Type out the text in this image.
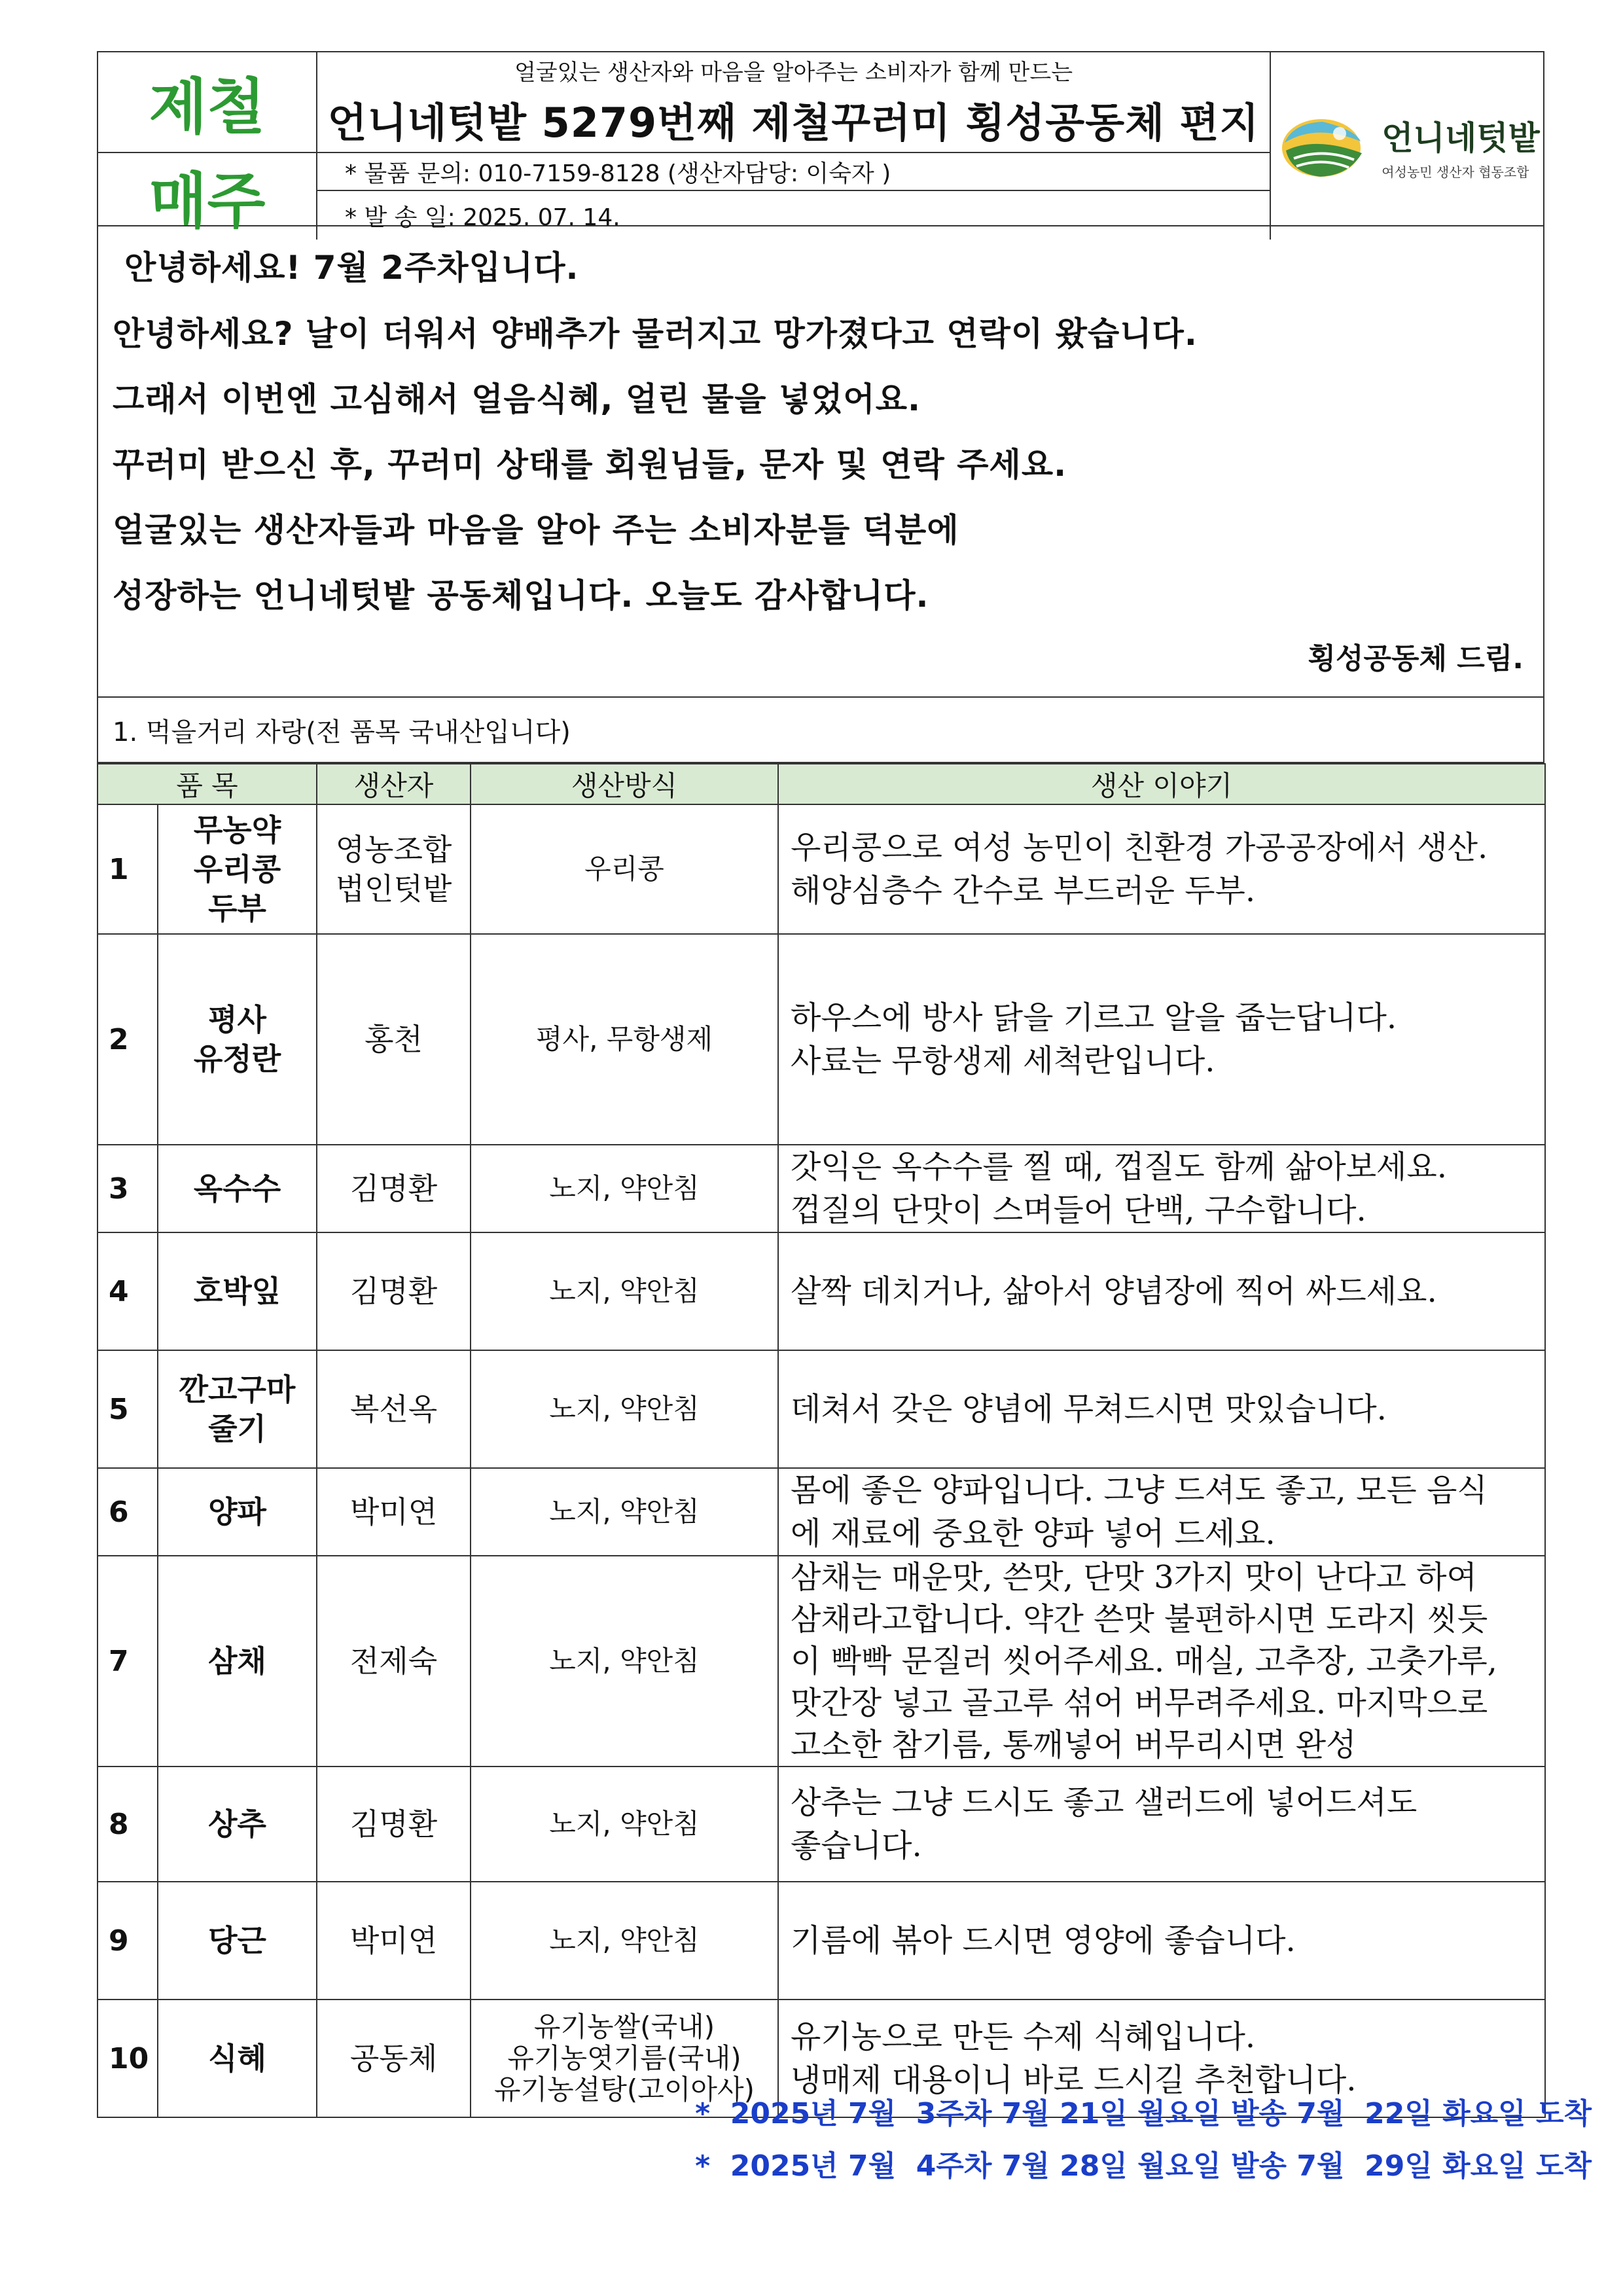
제철
매주
얼굴있는 생산자와 마음을 알아주는 소비자가 함께 만드는
언니네텃밭 5279번째 제철꾸러미 횡성공동체 편지
* 물품 문의: 010-7159-8128 (생산자담당: 이숙자 )
* 발 송 일: 2025. 07. 14.
언니네텃밭
여성농민 생산자 협동조합

안녕하세요! 7월 2주차입니다.

안녕하세요? 날이 더워서 양배추가 물러지고 망가졌다고 연락이 왔습니다.

그래서 이번엔 고심해서 얼음식혜, 얼린 물을 넣었어요.

꾸러미 받으신 후, 꾸러미 상태를 회원님들, 문자 및 연락 주세요.

얼굴있는 생산자들과 마음을 알아 주는 소비자분들 덕분에

성장하는 언니네텃밭 공동체입니다. 오늘도 감사합니다.

횡성공동체 드림.
1. 먹을거리 자랑(전 품목 국내산입니다)
품 목		생산자	생산방식	생산 이야기
1	무농약
우리콩
두부	영농조합
법인텃밭	우리콩	우리콩으로 여성 농민이 친환경 가공공장에서 생산.
해양심층수 간수로 부드러운 두부.
2	평사
유정란	홍천	평사, 무항생제	하우스에 방사 닭을 기르고 알을 줍는답니다.
사료는 무항생제 세척란입니다.
3	옥수수	김명환	노지, 약안침	갓익은 옥수수를 찔 때, 껍질도 함께 삶아보세요.
껍질의 단맛이 스며들어 단백, 구수합니다.
4	호박잎	김명환	노지, 약안침	살짝 데치거나, 삶아서 양념장에 찍어 싸드세요.
5	깐고구마
줄기	복선옥	노지, 약안침	데쳐서 갖은 양념에 무쳐드시면 맛있습니다.
6	양파	박미연	노지, 약안침	몸에 좋은 양파입니다. 그냥 드셔도 좋고, 모든 음식
에 재료에 중요한 양파 넣어 드세요.
7	삼채	전제숙	노지, 약안침	삼채는 매운맛, 쓴맛, 단맛 3가지 맛이 난다고 하여
삼채라고합니다. 약간 쓴맛 불편하시면 도라지 씻듯
이 빡빡 문질러 씻어주세요. 매실, 고추장, 고춧가루,
맛간장 넣고 골고루 섞어 버무려주세요. 마지막으로
고소한 참기름, 통깨넣어 버무리시면 완성
8	상추	김명환	노지, 약안침	상추는 그냥 드시도 좋고 샐러드에 넣어드셔도
좋습니다.
9	당근	박미연	노지, 약안침	기름에 볶아 드시면 영양에 좋습니다.
10	식혜	공동체	유기농쌀(국내)
유기농엿기름(국내)
유기농설탕(고이아사)	유기농으로 만든 수제 식혜입니다.
냉매제 대용이니 바로 드시길 추천합니다.
*  2025년 7월  3주차 7월 21일 월요일 발송 7월  22일 화요일 도착
*  2025년 7월  4주차 7월 28일 월요일 발송 7월  29일 화요일 도착
